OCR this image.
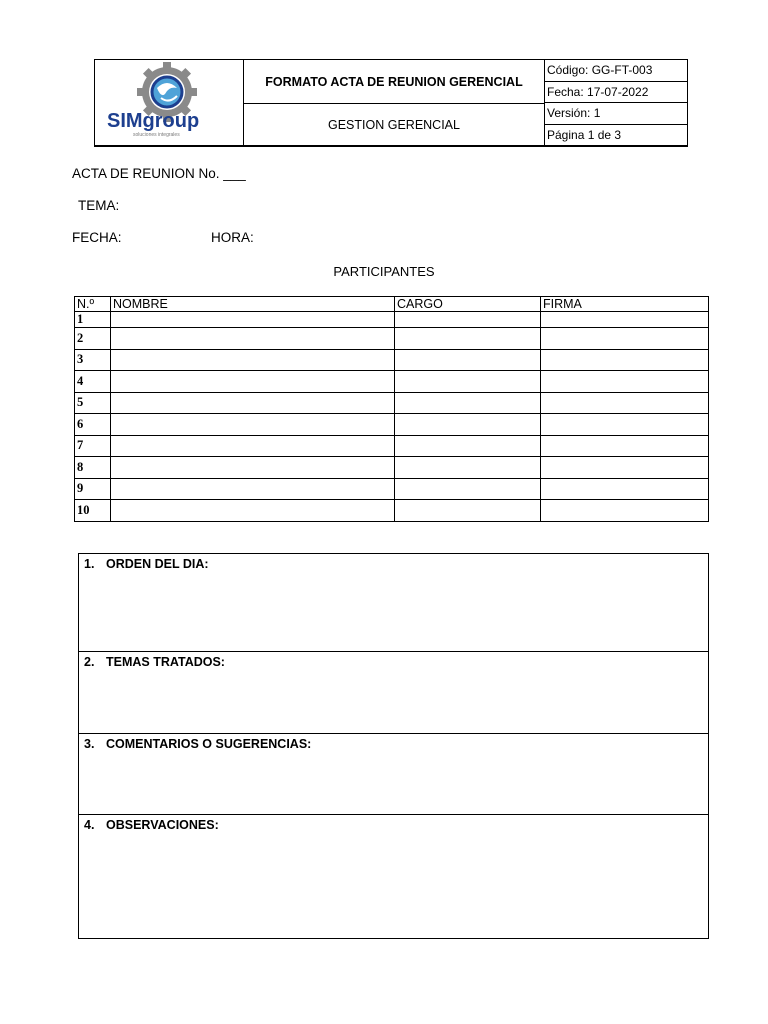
SIMgroup
soluciones integrales
FORMATO ACTA DE REUNION GERENCIAL
GESTION GERENCIAL
Código: GG-FT-003
Fecha: 17-07-2022
Versión: 1
Página 1 de 3
ACTA DE REUNION No. ___
TEMA:
FECHA:	HORA:
PARTICIPANTES
N.º	NOMBRE	CARGO	FIRMA
1			
2			
3			
4			
5			
6			
7			
8			
9			
10			
1. ORDEN DEL DIA:
2. TEMAS TRATADOS:
3. COMENTARIOS O SUGERENCIAS:
4. OBSERVACIONES:
